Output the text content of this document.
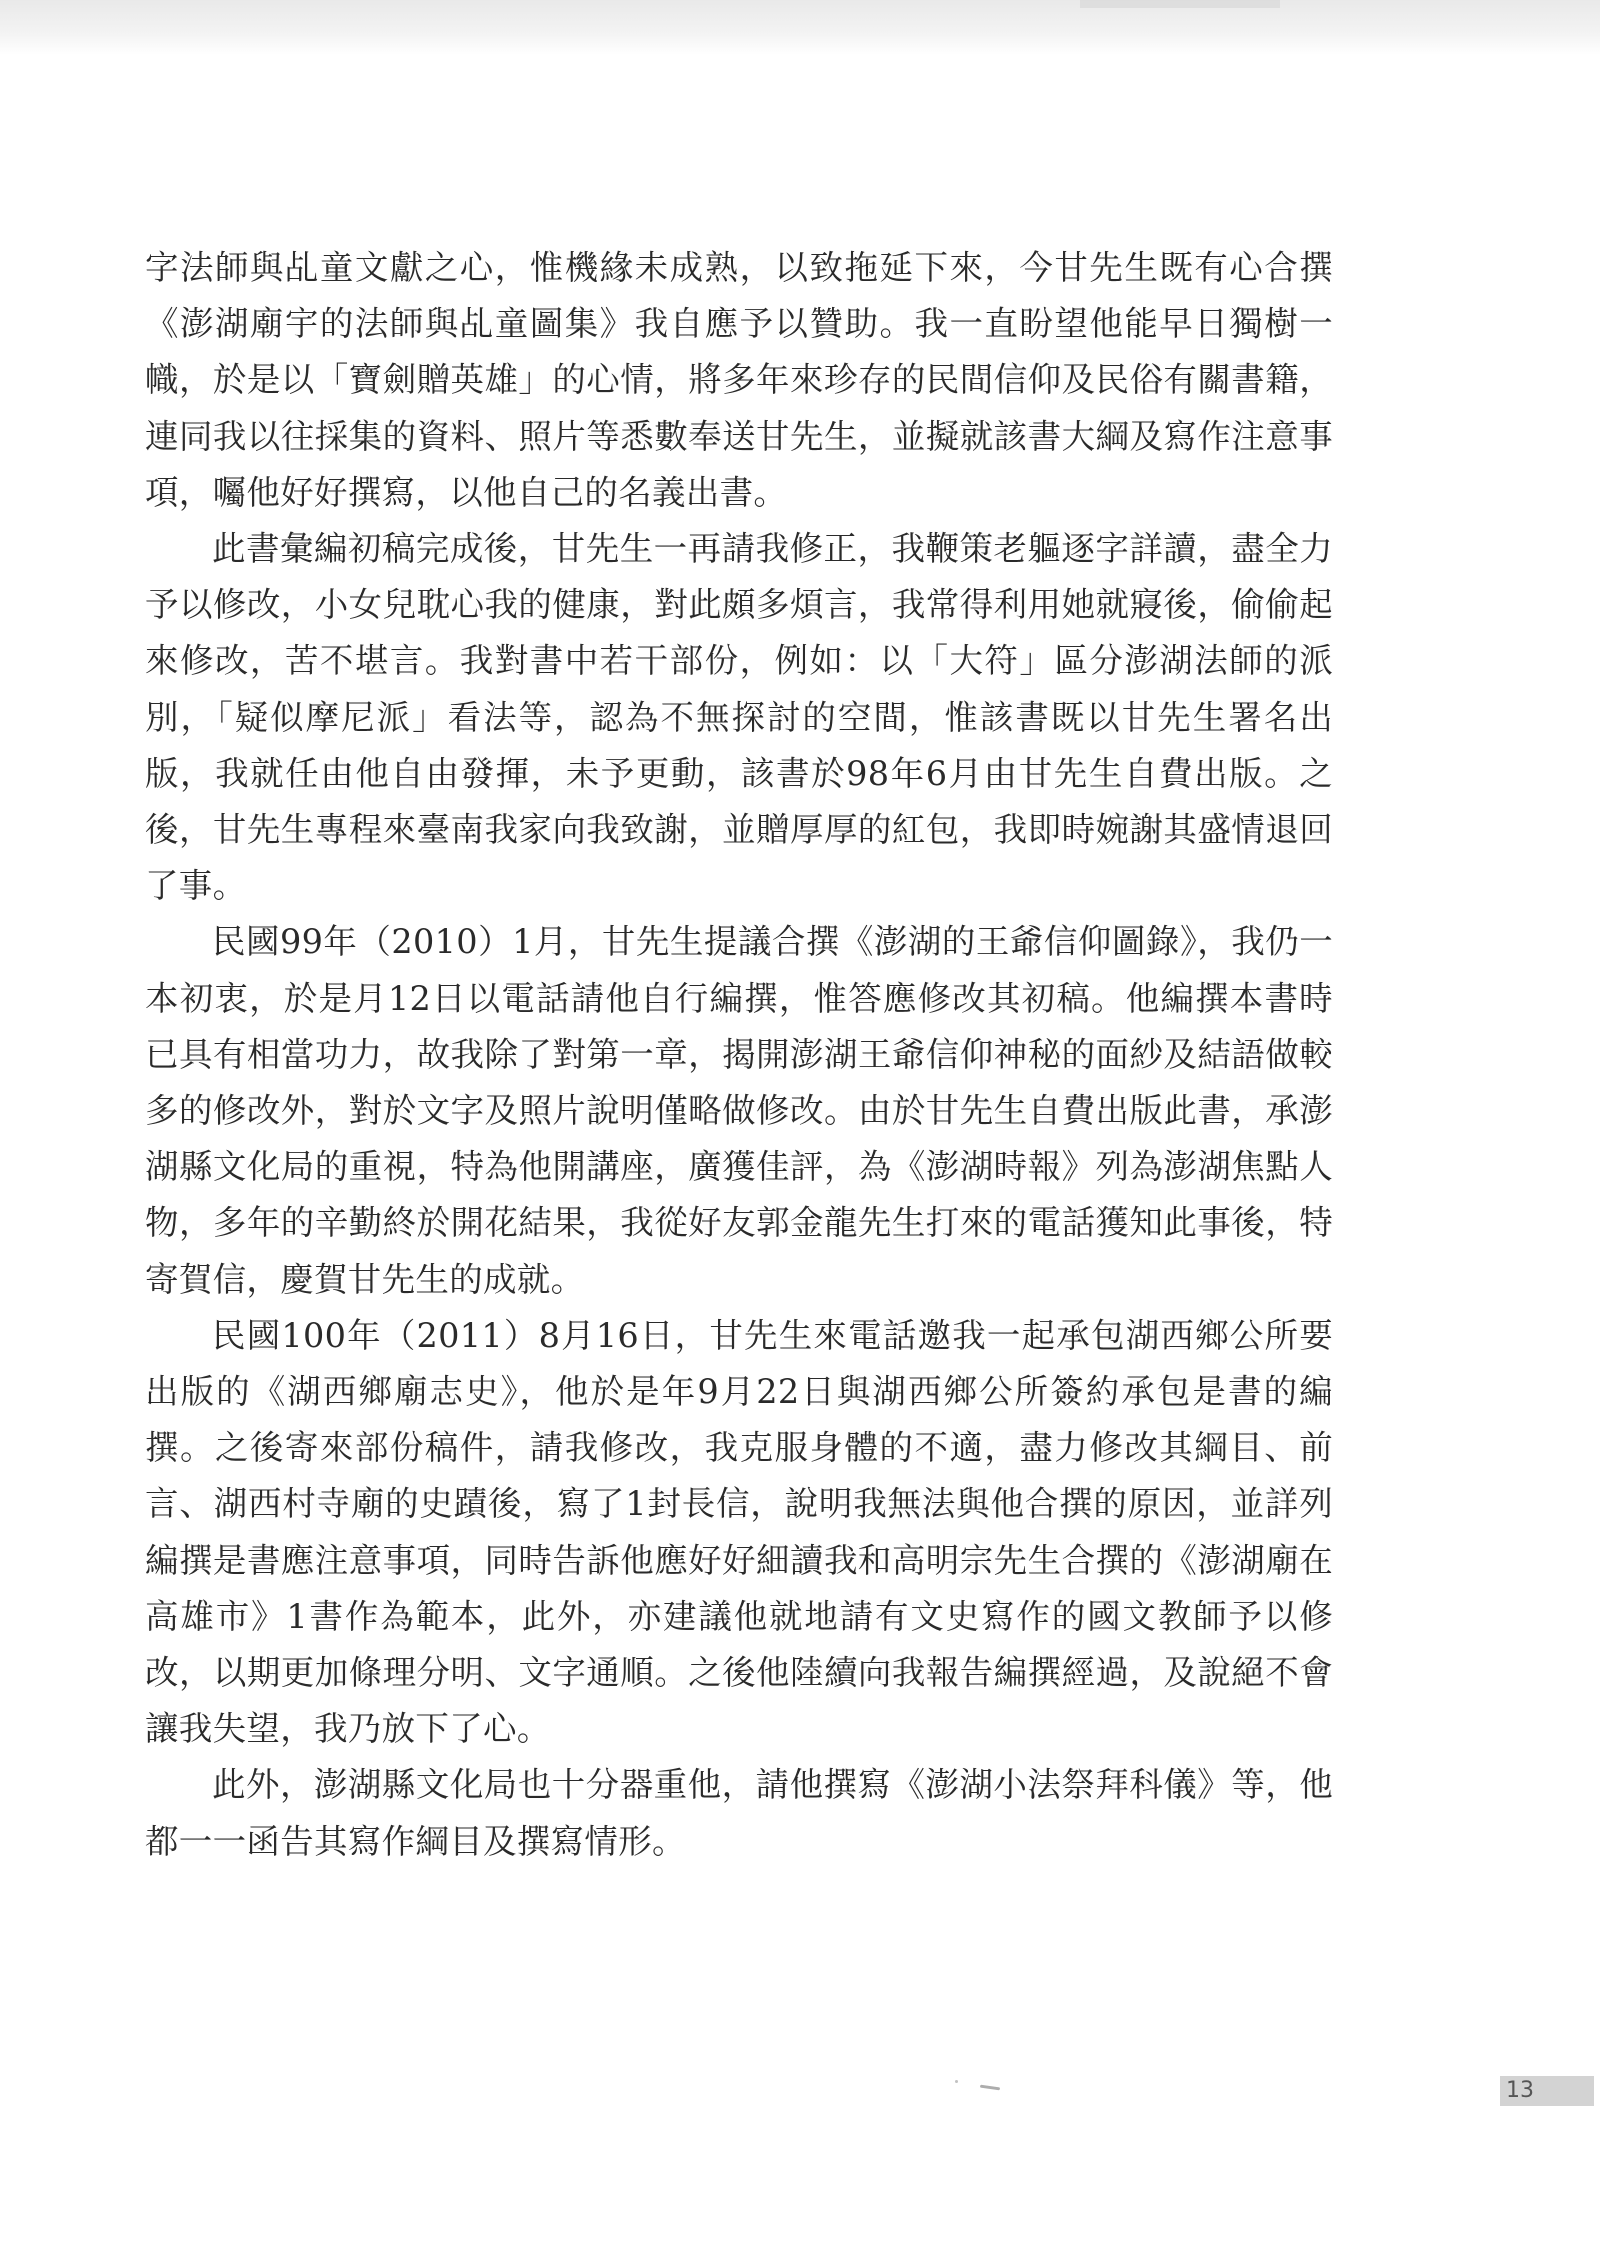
字法師與乩童文獻之心，惟機緣未成熟，以致拖延下來，今甘先生既有心合撰《澎湖廟宇的法師與乩童圖集》我自應予以贊助。我一直盼望他能早日獨樹一幟，於是以「寶劍贈英雄」的心情，將多年來珍存的民間信仰及民俗有關書籍，連同我以往採集的資料、照片等悉數奉送甘先生，並擬就該書大綱及寫作注意事項，囑他好好撰寫，以他自己的名義出書。

此書彙編初稿完成後，甘先生一再請我修正，我鞭策老軀逐字詳讀，盡全力予以修改，小女兒耽心我的健康，對此頗多煩言，我常得利用她就寢後，偷偷起來修改，苦不堪言。我對書中若干部份，例如：以「大符」區分澎湖法師的派別，「疑似摩尼派」看法等，認為不無探討的空間，惟該書既以甘先生署名出版，我就任由他自由發揮，未予更動，該書於98年6月由甘先生自費出版。之後，甘先生專程來臺南我家向我致謝，並贈厚厚的紅包，我即時婉謝其盛情退回了事。

民國99年（2010）1月，甘先生提議合撰《澎湖的王爺信仰圖錄》，我仍一本初衷，於是月12日以電話請他自行編撰，惟答應修改其初稿。他編撰本書時已具有相當功力，故我除了對第一章，揭開澎湖王爺信仰神秘的面紗及結語做較多的修改外，對於文字及照片說明僅略做修改。由於甘先生自費出版此書，承澎湖縣文化局的重視，特為他開講座，廣獲佳評，為《澎湖時報》列為澎湖焦點人物，多年的辛勤終於開花結果，我從好友郭金龍先生打來的電話獲知此事後，特寄賀信，慶賀甘先生的成就。

民國100年（2011）8月16日，甘先生來電話邀我一起承包湖西鄉公所要出版的《湖西鄉廟志史》，他於是年9月22日與湖西鄉公所簽約承包是書的編撰。之後寄來部份稿件，請我修改，我克服身體的不適，盡力修改其綱目、前言、湖西村寺廟的史蹟後，寫了1封長信，說明我無法與他合撰的原因，並詳列編撰是書應注意事項，同時告訴他應好好細讀我和高明宗先生合撰的《澎湖廟在高雄市》1書作為範本，此外，亦建議他就地請有文史寫作的國文教師予以修改，以期更加條理分明、文字通順。之後他陸續向我報告編撰經過，及說絕不會讓我失望，我乃放下了心。

此外，澎湖縣文化局也十分器重他，請他撰寫《澎湖小法祭拜科儀》等，他都一一函告其寫作綱目及撰寫情形。

13
